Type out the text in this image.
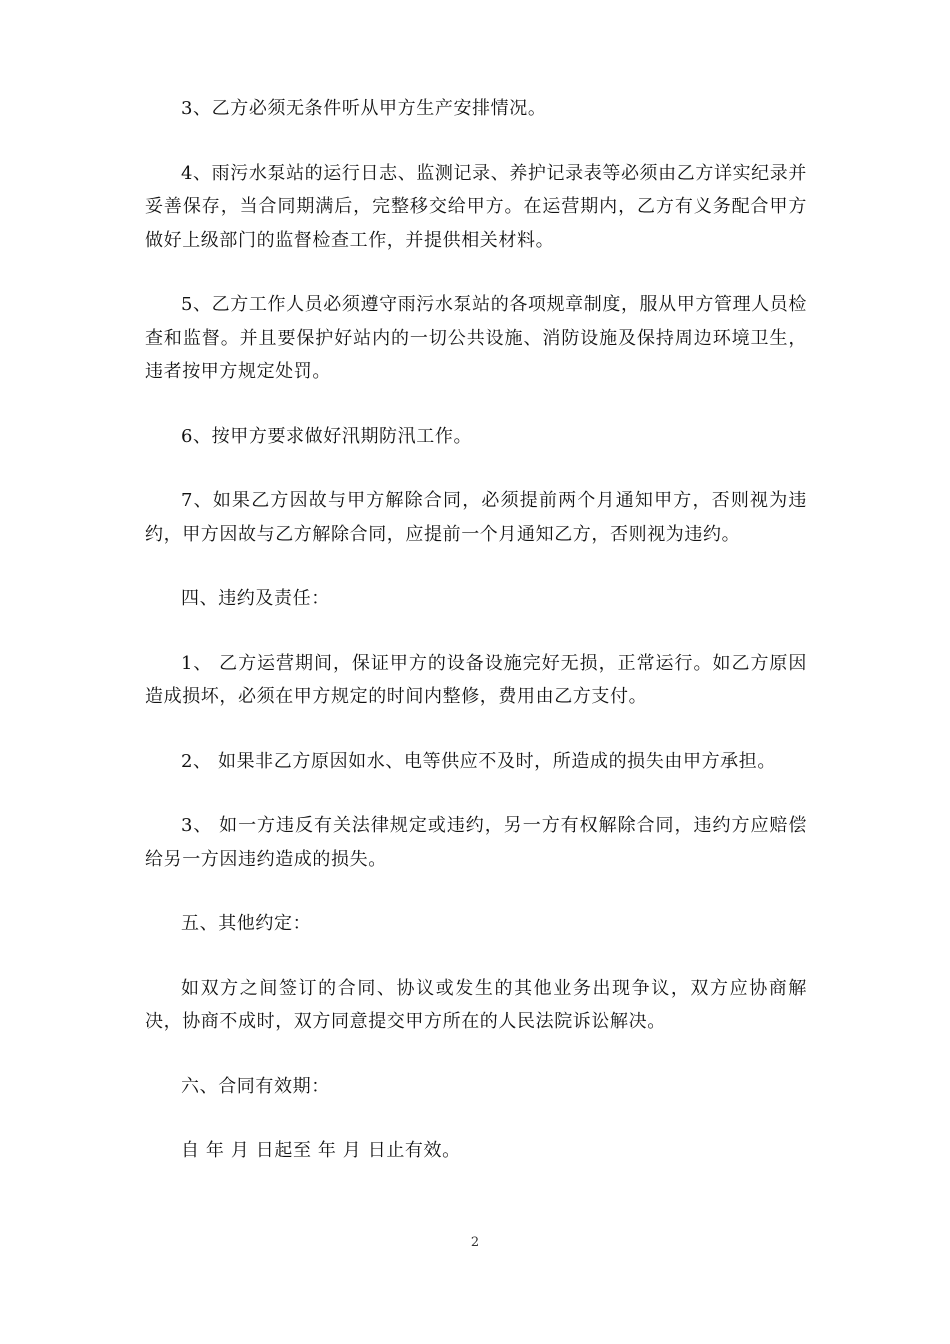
3、乙方必须无条件听从甲方生产安排情况。

4、雨污水泵站的运行日志、监测记录、养护记录表等必须由乙方详实纪录并妥善保存，当合同期满后，完整移交给甲方。在运营期内，乙方有义务配合甲方做好上级部门的监督检查工作，并提供相关材料。

5、乙方工作人员必须遵守雨污水泵站的各项规章制度，服从甲方管理人员检查和监督。并且要保护好站内的一切公共设施、消防设施及保持周边环境卫生，违者按甲方规定处罚。

6、按甲方要求做好汛期防汛工作。

7、如果乙方因故与甲方解除合同，必须提前两个月通知甲方，否则视为违约，甲方因故与乙方解除合同，应提前一个月通知乙方，否则视为违约。

四、违约及责任：

1、 乙方运营期间，保证甲方的设备设施完好无损，正常运行。如乙方原因造成损坏，必须在甲方规定的时间内整修，费用由乙方支付。

2、 如果非乙方原因如水、电等供应不及时，所造成的损失由甲方承担。

3、 如一方违反有关法律规定或违约，另一方有权解除合同，违约方应赔偿给另一方因违约造成的损失。

五、其他约定：

如双方之间签订的合同、协议或发生的其他业务出现争议，双方应协商解决，协商不成时，双方同意提交甲方所在的人民法院诉讼解决。

六、合同有效期：

自 年 月 日起至 年 月 日止有效。

2
